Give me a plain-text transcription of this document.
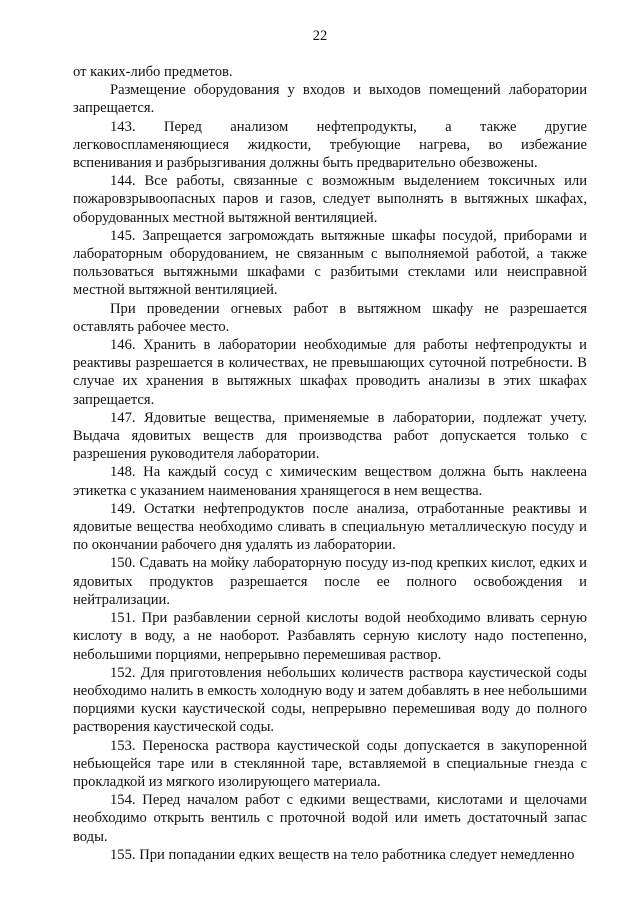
22

от каких-либо предметов.

Размещение оборудования у входов и выходов помещений лаборатории запрещается.

143. Перед анализом нефтепродукты, а также другие легковоспламеняющиеся жидкости, требующие нагрева, во избежание вспенивания и разбрызгивания должны быть предварительно обезвожены.

144. Все работы, связанные с возможным выделением токсичных или пожаровзрывоопасных паров и газов, следует выполнять в вытяжных шкафах, оборудованных местной вытяжной вентиляцией.

145. Запрещается загромождать вытяжные шкафы посудой, приборами и лабораторным оборудованием, не связанным с выполняемой работой, а также пользоваться вытяжными шкафами с разбитыми стеклами или неисправной местной вытяжной вентиляцией.

При проведении огневых работ в вытяжном шкафу не разрешается оставлять рабочее место.

146. Хранить в лаборатории необходимые для работы нефтепродукты и реактивы разрешается в количествах, не превышающих суточной потребности. В случае их хранения в вытяжных шкафах проводить анализы в этих шкафах запрещается.

147. Ядовитые вещества, применяемые в лаборатории, подлежат учету. Выдача ядовитых веществ для производства работ допускается только с разрешения руководителя лаборатории.

148. На каждый сосуд с химическим веществом должна быть наклеена этикетка с указанием наименования хранящегося в нем вещества.

149. Остатки нефтепродуктов после анализа, отработанные реактивы и ядовитые вещества необходимо сливать в специальную металлическую посуду и по окончании рабочего дня удалять из лаборатории.

150. Сдавать на мойку лабораторную посуду из-под крепких кислот, едких и ядовитых продуктов разрешается после ее полного освобождения и нейтрализации.

151. При разбавлении серной кислоты водой необходимо вливать серную кислоту в воду, а не наоборот. Разбавлять серную кислоту надо постепенно, небольшими порциями, непрерывно перемешивая раствор.

152. Для приготовления небольших количеств раствора каустической соды необходимо налить в емкость холодную воду и затем добавлять в нее небольшими порциями куски каустической соды, непрерывно перемешивая воду до полного растворения каустической соды.

153. Переноска раствора каустической соды допускается в закупоренной небьющейся таре или в стеклянной таре, вставляемой в специальные гнезда с прокладкой из мягкого изолирующего материала.

154. Перед началом работ с едкими веществами, кислотами и щелочами необходимо открыть вентиль с проточной водой или иметь достаточный запас воды.

155. При попадании едких веществ на тело работника следует немедленно
